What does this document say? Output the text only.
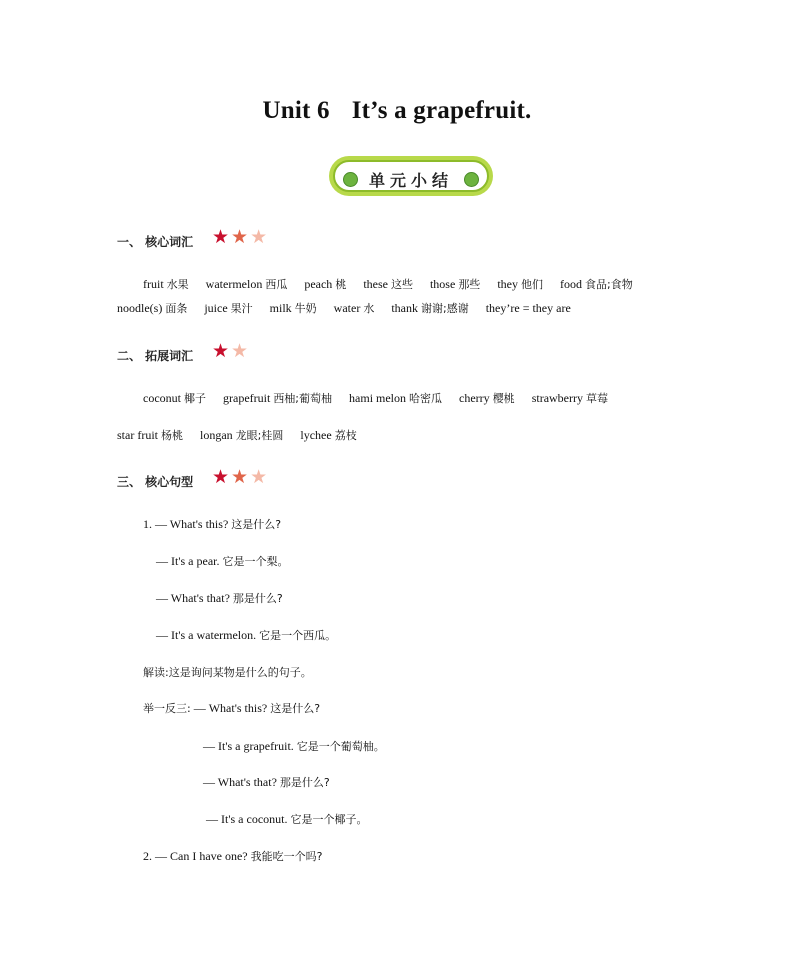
Unit 6 It’s a grapefruit.
单元小结
一、 核心词汇 ★ ★ ★
fruit 水果 watermelon 西瓜 peach 桃 these 这些 those 那些 they 他们 food 食品;食物
noodle(s) 面条 juice 果汁 milk 牛奶 water 水 thank 谢谢;感谢 they’re = they are
二、 拓展词汇 ★ ★
coconut 椰子 grapefruit 西柚;葡萄柚 hami melon 哈密瓜 cherry 樱桃 strawberry 草莓
star fruit 杨桃 longan 龙眼;桂圆 lychee 荔枝
三、 核心句型 ★ ★ ★
1. — What's this? 这是什么?
— It's a pear. 它是一个梨。
— What's that? 那是什么?
— It's a watermelon. 它是一个西瓜。
解读:这是询问某物是什么的句子。
举一反三: — What's this? 这是什么?
— It's a grapefruit. 它是一个葡萄柚。
— What's that? 那是什么?
— It's a coconut. 它是一个椰子。
2. — Can I have one? 我能吃一个吗?
